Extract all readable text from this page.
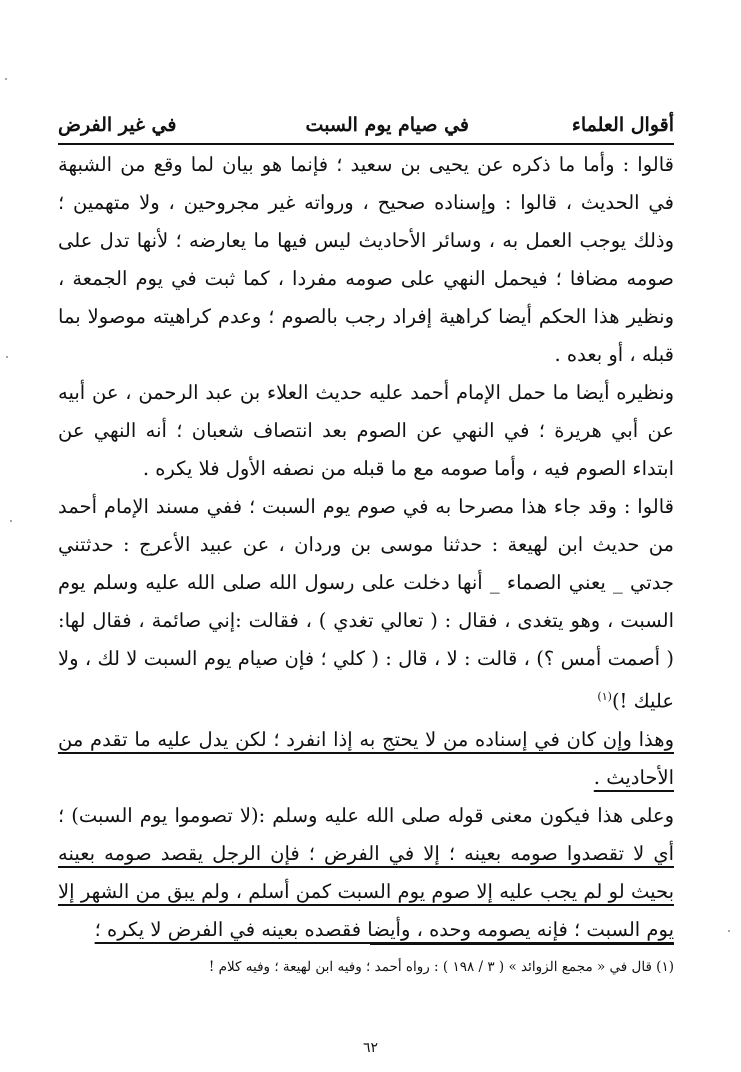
أقوال العلماء
في صيام يوم السبت
في غير الفرض

قالوا : وأما ما ذكره عن يحيى بن سعيد ؛ فإنما هو بيان لما وقع من الشبهة في الحديث ، قالوا : وإسناده صحيح ، ورواته غير مجروحين ، ولا متهمين ؛ وذلك يوجب العمل به ، وسائر الأحاديث ليس فيها ما يعارضه ؛ لأنها تدل على صومه مضافا ؛ فيحمل النهي على صومه مفردا ، كما ثبت في يوم الجمعة ، ونظير هذا الحكم أيضا كراهية إفراد رجب بالصوم ؛ وعدم كراهيته موصولا بما قبله ، أو بعده .

ونظيره أيضا ما حمل الإمام أحمد عليه حديث العلاء بن عبد الرحمن ، عن أبيه عن أبي هريرة ؛ في النهي عن الصوم بعد انتصاف شعبان ؛ أنه النهي عن ابتداء الصوم فيه ، وأما صومه مع ما قبله من نصفه الأول فلا يكره .

قالوا : وقد جاء هذا مصرحا به في صوم يوم السبت ؛ ففي مسند الإمام أحمد من حديث ابن لهيعة : حدثنا موسى بن وردان ، عن عبيد الأعرج : حدثتني جدتي _ يعني الصماء _ أنها دخلت على رسول الله صلى الله عليه وسلم يوم السبت ، وهو يتغدى ، فقال : ( تعالي تغدي ) ، فقالت :إني صائمة ، فقال لها: ( أصمت أمس ؟) ، قالت : لا ، قال : ( كلي ؛ فإن صيام يوم السبت لا لك ، ولا عليك !)$^{(١)}$

وهذا وإن كان في إسناده من لا يحتج به إذا انفرد ؛ لكن يدل عليه ما تقدم من الأحاديث .

وعلى هذا فيكون معنى قوله صلى الله عليه وسلم :(لا تصوموا يوم السبت) ؛ أي لا تقصدوا صومه بعينه ؛ إلا في الفرض ؛ فإن الرجل يقصد صومه بعينه بحيث لو لم يجب عليه إلا صوم يوم السبت كمن أسلم ، ولم يبق من الشهر إلا يوم السبت ؛ فإنه يصومه وحده ، وأيضا فقصده بعينه في الفرض لا يكره ؛

(١) قال في « مجمع الزوائد » ( ٣ / ١٩٨ ) : رواه أحمد ؛ وفيه ابن لهيعة ؛ وفيه كلام !
٦٢
